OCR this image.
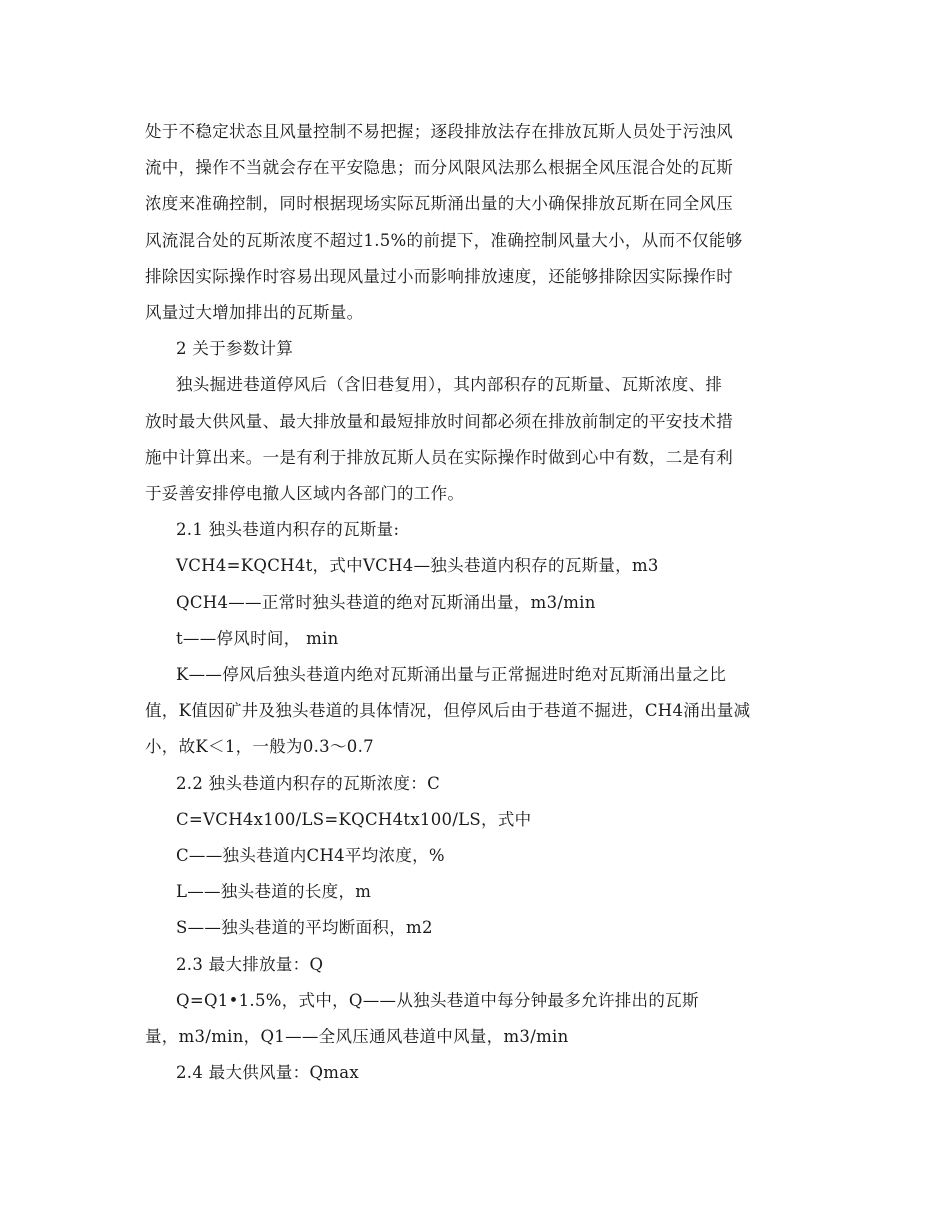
处于不稳定状态且风量控制不易把握；逐段排放法存在排放瓦斯人员处于污浊风
流中，操作不当就会存在平安隐患；而分风限风法那么根据全风压混合处的瓦斯
浓度来准确控制，同时根据现场实际瓦斯涌出量的大小确保排放瓦斯在同全风压
风流混合处的瓦斯浓度不超过1.5%的前提下，准确控制风量大小，从而不仅能够
排除因实际操作时容易出现风量过小而影响排放速度，还能够排除因实际操作时
风量过大增加排出的瓦斯量。
2 关于参数计算
独头掘进巷道停风后（含旧巷复用），其内部积存的瓦斯量、瓦斯浓度、排
放时最大供风量、最大排放量和最短排放时间都必须在排放前制定的平安技术措
施中计算出来。一是有利于排放瓦斯人员在实际操作时做到心中有数，二是有利
于妥善安排停电撤人区域内各部门的工作。
2.1 独头巷道内积存的瓦斯量:
VCH4=KQCH4t，式中VCH4—独头巷道内积存的瓦斯量，m3
QCH4——正常时独头巷道的绝对瓦斯涌出量，m3/min
t——停风时间， min
K——停风后独头巷道内绝对瓦斯涌出量与正常掘进时绝对瓦斯涌出量之比
值，K值因矿井及独头巷道的具体情况，但停风后由于巷道不掘进，CH4涌出量减
小，故K＜1，一般为0.3～0.7
2.2 独头巷道内积存的瓦斯浓度：C
C=VCH4x100/LS=KQCH4tx100/LS，式中
C——独头巷道内CH4平均浓度，%
L——独头巷道的长度，m
S——独头巷道的平均断面积，m2
2.3 最大排放量：Q
Q=Q1•1.5%，式中，Q——从独头巷道中每分钟最多允许排出的瓦斯
量，m3/min，Q1——全风压通风巷道中风量，m3/min
2.4 最大供风量：Qmax
